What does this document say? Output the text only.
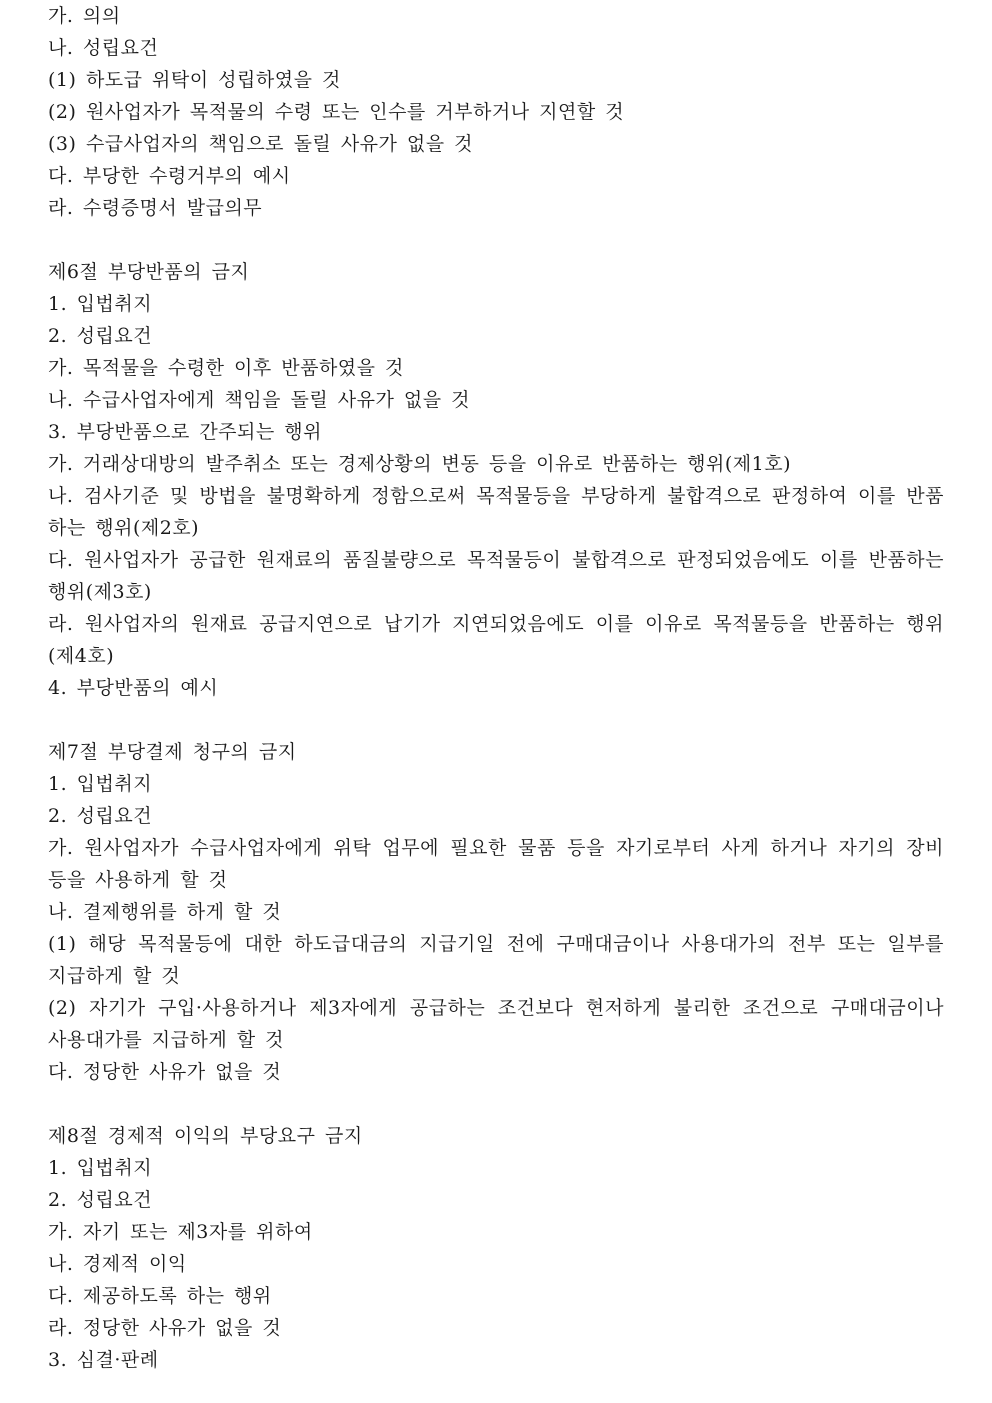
가. 의의
나. 성립요건
(1) 하도급 위탁이 성립하였을 것
(2) 원사업자가 목적물의 수령 또는 인수를 거부하거나 지연할 것
(3) 수급사업자의 책임으로 돌릴 사유가 없을 것
다. 부당한 수령거부의 예시
라. 수령증명서 발급의무
제6절 부당반품의 금지
1. 입법취지
2. 성립요건
가. 목적물을 수령한 이후 반품하였을 것
나. 수급사업자에게 책임을 돌릴 사유가 없을 것
3. 부당반품으로 간주되는 행위
가. 거래상대방의 발주취소 또는 경제상황의 변동 등을 이유로 반품하는 행위(제1호)
나. 검사기준 및 방법을 불명확하게 정함으로써 목적물등을 부당하게 불합격으로 판정하여 이를 반품하는 행위(제2호)
다. 원사업자가 공급한 원재료의 품질불량으로 목적물등이 불합격으로 판정되었음에도 이를 반품하는 행위(제3호)
라. 원사업자의 원재료 공급지연으로 납기가 지연되었음에도 이를 이유로 목적물등을 반품하는 행위(제4호)
4. 부당반품의 예시
제7절 부당결제 청구의 금지
1. 입법취지
2. 성립요건
가. 원사업자가 수급사업자에게 위탁 업무에 필요한 물품 등을 자기로부터 사게 하거나 자기의 장비 등을 사용하게 할 것
나. 결제행위를 하게 할 것
(1) 해당 목적물등에 대한 하도급대금의 지급기일 전에 구매대금이나 사용대가의 전부 또는 일부를 지급하게 할 것
(2) 자기가 구입·사용하거나 제3자에게 공급하는 조건보다 현저하게 불리한 조건으로 구매대금이나 사용대가를 지급하게 할 것
다. 정당한 사유가 없을 것
제8절 경제적 이익의 부당요구 금지
1. 입법취지
2. 성립요건
가. 자기 또는 제3자를 위하여
나. 경제적 이익
다. 제공하도록 하는 행위
라. 정당한 사유가 없을 것
3. 심결·판례
